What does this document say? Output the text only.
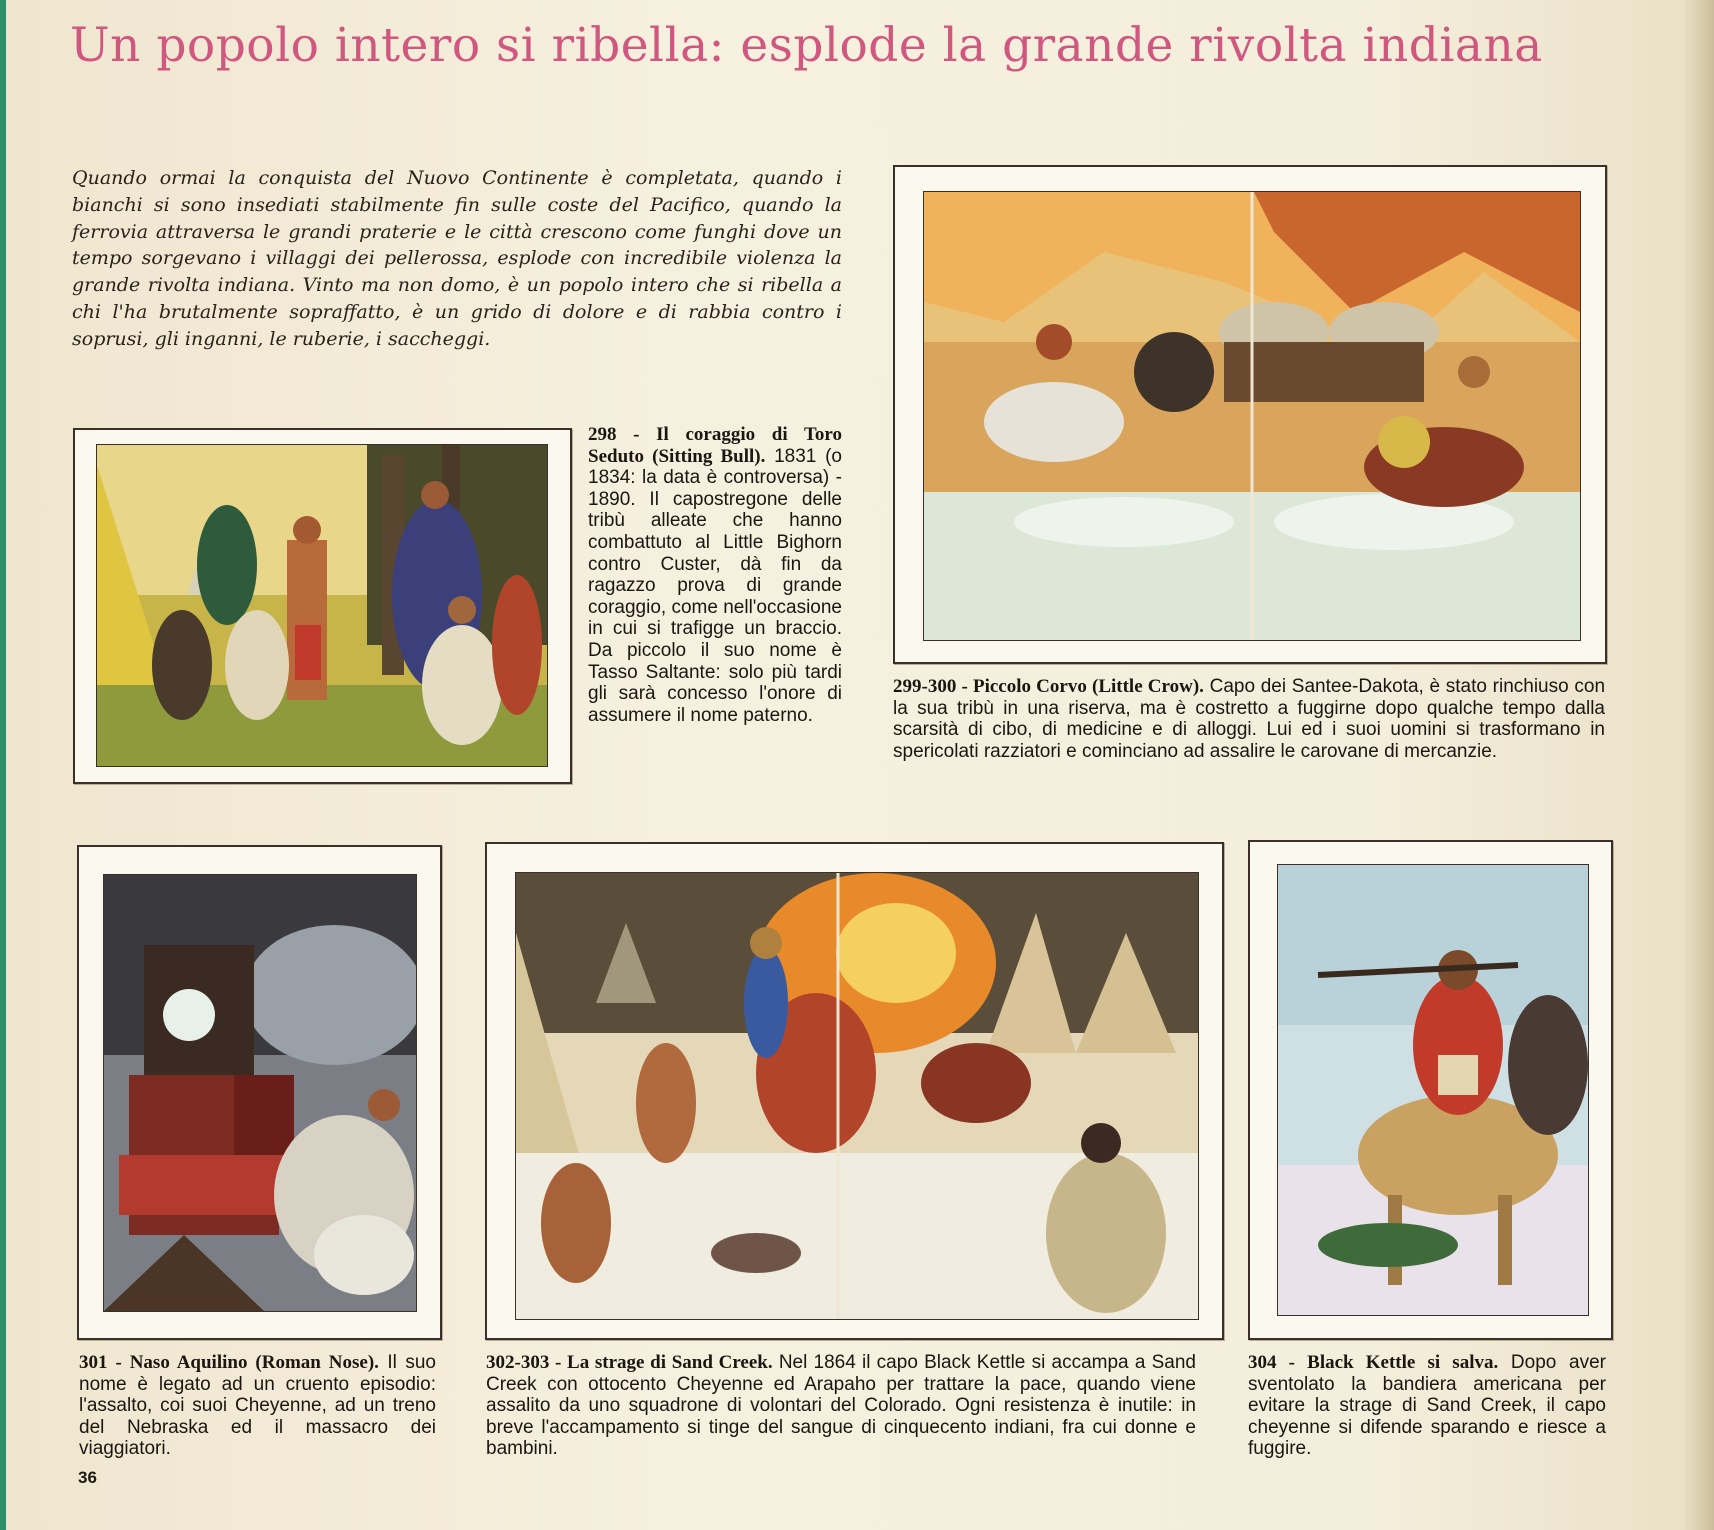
Un popolo intero si ribella: esplode la grande rivolta indiana
Quando ormai la conquista del Nuovo Continente è completata, quando i bianchi si sono insediati stabilmente fin sulle coste del Pacifico, quando la ferrovia attraversa le grandi praterie e le città crescono come funghi dove un tempo sorgevano i villaggi dei pellerossa, esplode con incredibile violenza la grande rivolta indiana. Vinto ma non domo, è un popolo intero che si ribella a chi l'ha brutalmente sopraffatto, è un grido di dolore e di rabbia contro i soprusi, gli inganni, le ruberie, i saccheggi.
298 - Il coraggio di Toro Seduto (Sitting Bull). 1831 (o 1834: la data è controversa) - 1890. Il capostregone delle tribù alleate che hanno combattuto al Little Bighorn contro Custer, dà fin da ragazzo prova di grande coraggio, come nell'occasione in cui si trafigge un braccio. Da piccolo il suo nome è Tasso Saltante: solo più tardi gli sarà concesso l'onore di assumere il nome paterno.
299-300 - Piccolo Corvo (Little Crow). Capo dei Santee-Dakota, è stato rinchiuso con la sua tribù in una riserva, ma è costretto a fuggirne dopo qualche tempo dalla scarsità di cibo, di medicine e di alloggi. Lui ed i suoi uomini si trasformano in spericolati razziatori e cominciano ad assalire le carovane di mercanzie.
301 - Naso Aquilino (Roman Nose). Il suo nome è legato ad un cruento episodio: l'assalto, coi suoi Cheyenne, ad un treno del Nebraska ed il massacro dei viaggiatori.
302-303 - La strage di Sand Creek. Nel 1864 il capo Black Kettle si accampa a Sand Creek con ottocento Cheyenne ed Arapaho per trattare la pace, quando viene assalito da uno squadrone di volontari del Colorado. Ogni resistenza è inutile: in breve l'accampamento si tinge del sangue di cinquecento indiani, fra cui donne e bambini.
304 - Black Kettle si salva. Dopo aver sventolato la bandiera americana per evitare la strage di Sand Creek, il capo cheyenne si difende sparando e riesce a fuggire.
36
